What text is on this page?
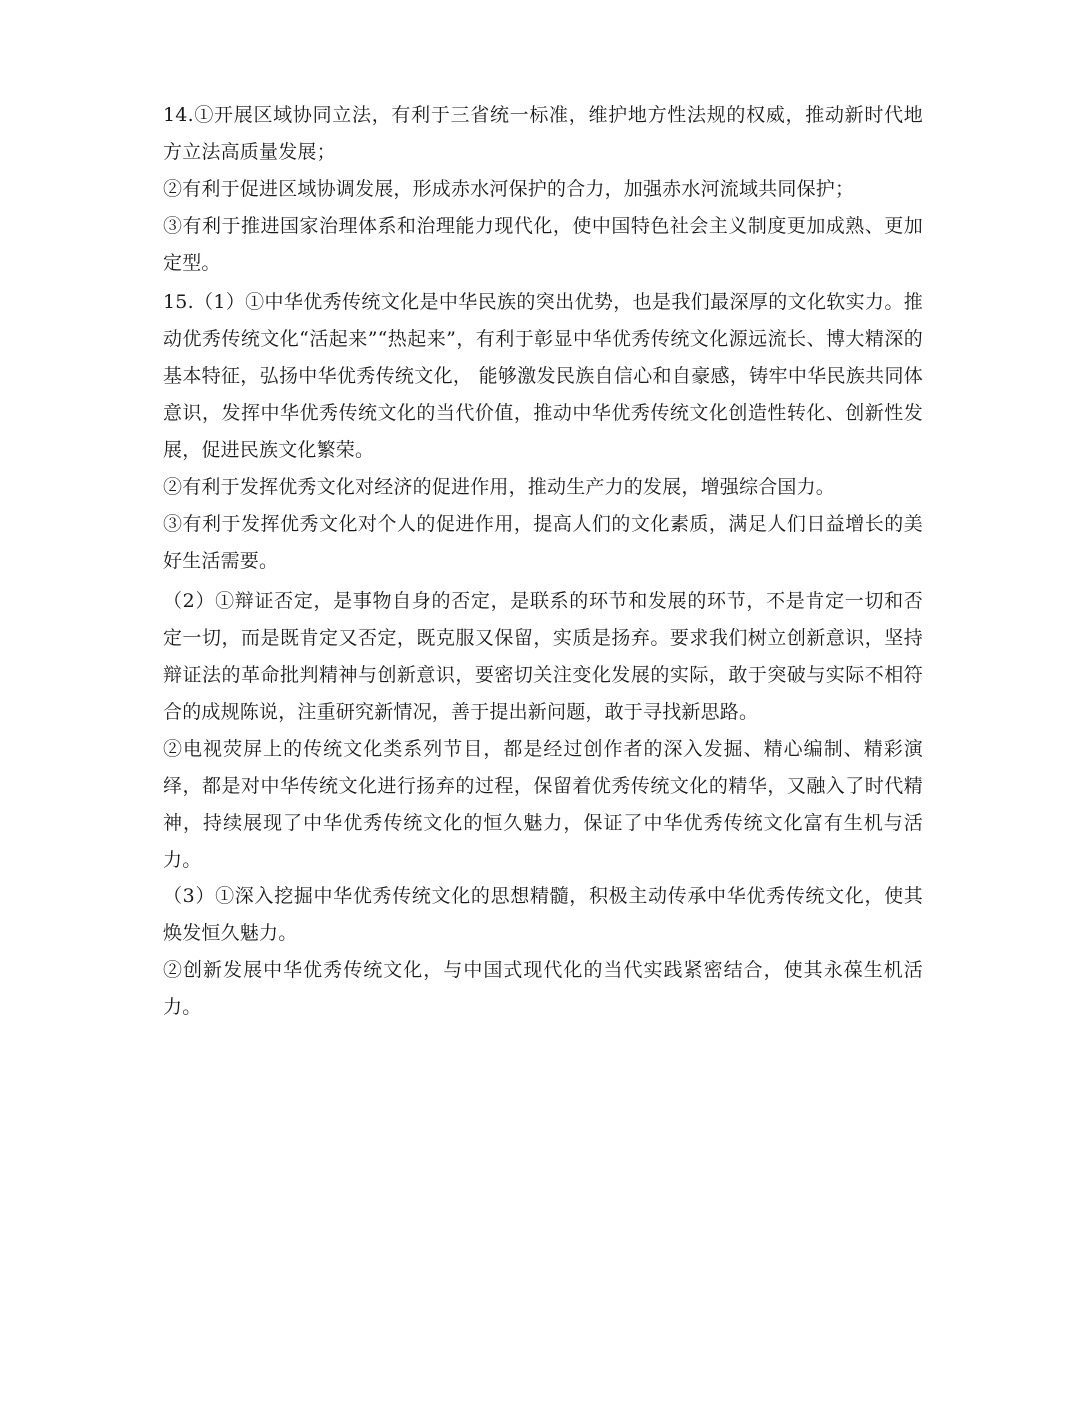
14.①开展区域协同立法，有利于三省统一标准，维护地方性法规的权威，推动新时代地方立法高质量发展；

②有利于促进区域协调发展，形成赤水河保护的合力，加强赤水河流域共同保护；

③有利于推进国家治理体系和治理能力现代化，使中国特色社会主义制度更加成熟、更加定型。

15.（1）①中华优秀传统文化是中华民族的突出优势，也是我们最深厚的文化软实力。推动优秀传统文化“活起来”“热起来”，有利于彰显中华优秀传统文化源远流长、博大精深的基本特征，弘扬中华优秀传统文化， 能够激发民族自信心和自豪感，铸牢中华民族共同体意识，发挥中华优秀传统文化的当代价值，推动中华优秀传统文化创造性转化、创新性发展，促进民族文化繁荣。

②有利于发挥优秀文化对经济的促进作用，推动生产力的发展，增强综合国力。

③有利于发挥优秀文化对个人的促进作用，提高人们的文化素质，满足人们日益增长的美好生活需要。

（2）①辩证否定，是事物自身的否定，是联系的环节和发展的环节，不是肯定一切和否定一切，而是既肯定又否定，既克服又保留，实质是扬弃。要求我们树立创新意识，坚持辩证法的革命批判精神与创新意识，要密切关注变化发展的实际，敢于突破与实际不相符合的成规陈说，注重研究新情况，善于提出新问题，敢于寻找新思路。

②电视荧屏上的传统文化类系列节目，都是经过创作者的深入发掘、精心编制、精彩演绎，都是对中华传统文化进行扬弃的过程，保留着优秀传统文化的精华，又融入了时代精神，持续展现了中华优秀传统文化的恒久魅力，保证了中华优秀传统文化富有生机与活力。

（3）①深入挖掘中华优秀传统文化的思想精髓，积极主动传承中华优秀传统文化，使其焕发恒久魅力。

②创新发展中华优秀传统文化，与中国式现代化的当代实践紧密结合，使其永葆生机活力。
